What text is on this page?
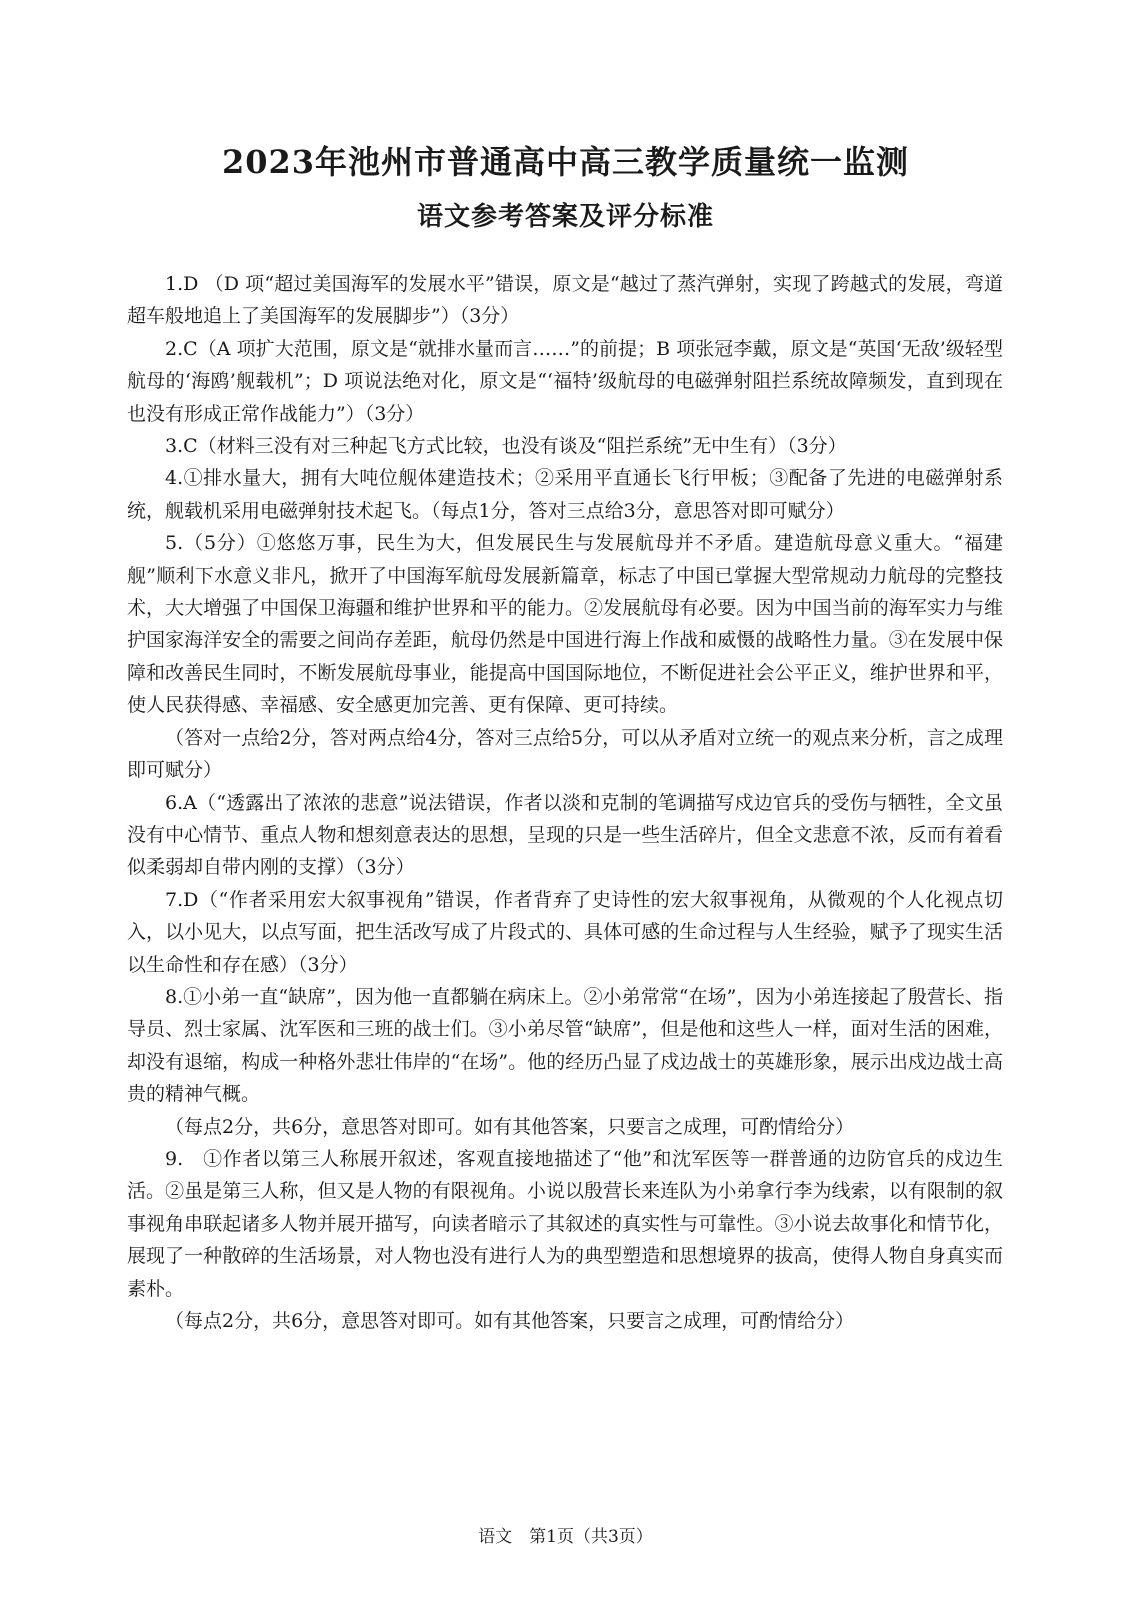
2023年池州市普通高中高三教学质量统一监测
语文参考答案及评分标准

1.D （D 项“超过美国海军的发展水平”错误，原文是“越过了蒸汽弹射，实现了跨越式的发展，弯道超车般地追上了美国海军的发展脚步”）（3分）

2.C（A 项扩大范围，原文是“就排水量而言……”的前提；B 项张冠李戴，原文是“英国‘无敌’级轻型航母的‘海鸥’舰载机”；D 项说法绝对化，原文是“‘福特’级航母的电磁弹射阻拦系统故障频发，直到现在也没有形成正常作战能力”）（3分）

3.C（材料三没有对三种起飞方式比较，也没有谈及“阻拦系统”无中生有）（3分）

4.①排水量大，拥有大吨位舰体建造技术；②采用平直通长飞行甲板；③配备了先进的电磁弹射系统，舰载机采用电磁弹射技术起飞。（每点1分，答对三点给3分，意思答对即可赋分）

5.（5分）①悠悠万事，民生为大，但发展民生与发展航母并不矛盾。建造航母意义重大。“福建舰”顺利下水意义非凡，掀开了中国海军航母发展新篇章，标志了中国已掌握大型常规动力航母的完整技术，大大增强了中国保卫海疆和维护世界和平的能力。②发展航母有必要。因为中国当前的海军实力与维护国家海洋安全的需要之间尚存差距，航母仍然是中国进行海上作战和威慑的战略性力量。③在发展中保障和改善民生同时，不断发展航母事业，能提高中国国际地位，不断促进社会公平正义，维护世界和平，使人民获得感、幸福感、安全感更加完善、更有保障、更可持续。

（答对一点给2分，答对两点给4分，答对三点给5分，可以从矛盾对立统一的观点来分析，言之成理即可赋分）

6.A（“透露出了浓浓的悲意”说法错误，作者以淡和克制的笔调描写戍边官兵的受伤与牺牲，全文虽没有中心情节、重点人物和想刻意表达的思想，呈现的只是一些生活碎片，但全文悲意不浓，反而有着看似柔弱却自带内刚的支撑）（3分）

7.D（“作者采用宏大叙事视角”错误，作者背弃了史诗性的宏大叙事视角，从微观的个人化视点切入，以小见大，以点写面，把生活改写成了片段式的、具体可感的生命过程与人生经验，赋予了现实生活以生命性和存在感）（3分）

8.①小弟一直“缺席”，因为他一直都躺在病床上。②小弟常常“在场”，因为小弟连接起了殷营长、指导员、烈士家属、沈军医和三班的战士们。③小弟尽管“缺席”，但是他和这些人一样，面对生活的困难，却没有退缩，构成一种格外悲壮伟岸的“在场”。他的经历凸显了戍边战士的英雄形象，展示出戍边战士高贵的精神气概。

（每点2分，共6分，意思答对即可。如有其他答案，只要言之成理，可酌情给分）

9.　①作者以第三人称展开叙述，客观直接地描述了“他”和沈军医等一群普通的边防官兵的戍边生活。②虽是第三人称，但又是人物的有限视角。小说以殷营长来连队为小弟拿行李为线索，以有限制的叙事视角串联起诸多人物并展开描写，向读者暗示了其叙述的真实性与可靠性。③小说去故事化和情节化，展现了一种散碎的生活场景，对人物也没有进行人为的典型塑造和思想境界的拔高，使得人物自身真实而素朴。

（每点2分，共6分，意思答对即可。如有其他答案，只要言之成理，可酌情给分）

语文　第1页（共3页）
